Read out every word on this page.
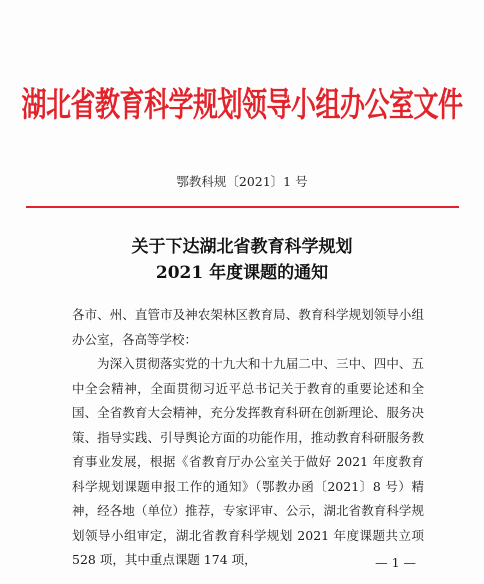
湖北省教育科学规划领导小组办公室文件
鄂教科规〔2021〕1 号
关于下达湖北省教育科学规划
2021 年度课题的通知
各市、州、直管市及神农架林区教育局、教育科学规划领导小组办公室，各高等学校：
为深入贯彻落实党的十九大和十九届二中、三中、四中、五中全会精神，全面贯彻习近平总书记关于教育的重要论述和全国、全省教育大会精神，充分发挥教育科研在创新理论、服务决策、指导实践、引导舆论方面的功能作用，推动教育科研服务教育事业发展，根据《省教育厅办公室关于做好 2021 年度教育科学规划课题申报工作的通知》（鄂教办函〔2021〕8 号）精神，经各地（单位）推荐，专家评审、公示，湖北省教育科学规划领导小组审定，湖北省教育科学规划 2021 年度课题共立项 528 项，其中重点课题 174 项，	— 1 —
